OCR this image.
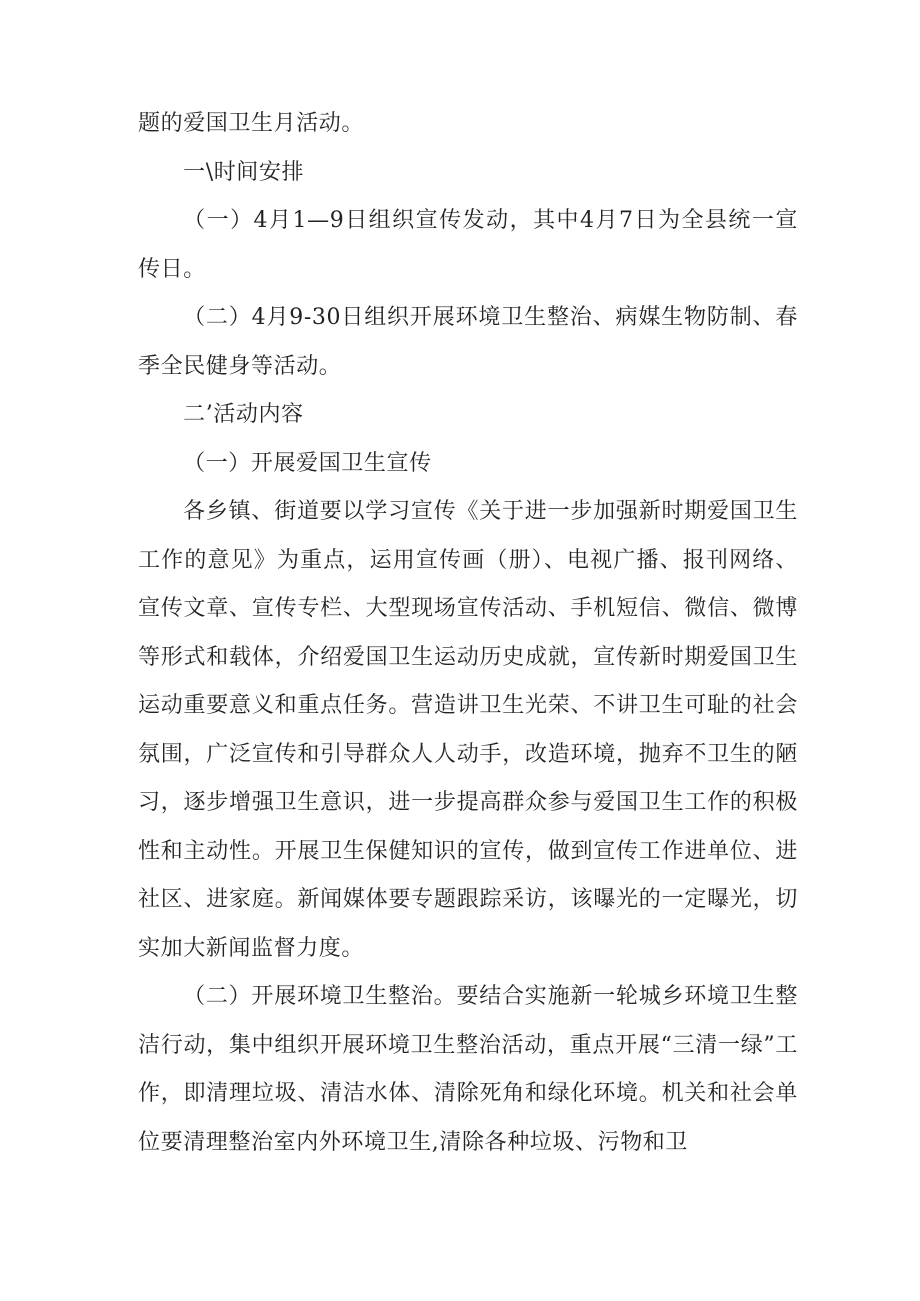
题的爱国卫生月活动。

一\时间安排

（一）4月1—9日组织宣传发动，其中4月7日为全县统一宣传日。

（二）4月9-30日组织开展环境卫生整治、病媒生物防制、春季全民健身等活动。

二’活动内容

（一）开展爱国卫生宣传

各乡镇、街道要以学习宣传《关于进一步加强新时期爱国卫生工作的意见》为重点，运用宣传画（册）、电视广播、报刊网络、宣传文章、宣传专栏、大型现场宣传活动、手机短信、微信、微博等形式和载体，介绍爱国卫生运动历史成就，宣传新时期爱国卫生运动重要意义和重点任务。营造讲卫生光荣、不讲卫生可耻的社会氛围，广泛宣传和引导群众人人动手，改造环境，抛弃不卫生的陋习，逐步增强卫生意识，进一步提高群众参与爱国卫生工作的积极性和主动性。开展卫生保健知识的宣传，做到宣传工作进单位、进社区、进家庭。新闻媒体要专题跟踪采访，该曝光的一定曝光，切实加大新闻监督力度。

（二）开展环境卫生整治。要结合实施新一轮城乡环境卫生整洁行动，集中组织开展环境卫生整治活动，重点开展“三清一绿”工作，即清理垃圾、清洁水体、清除死角和绿化环境。机关和社会单位要清理整治室内外环境卫生,清除各种垃圾、污物和卫
